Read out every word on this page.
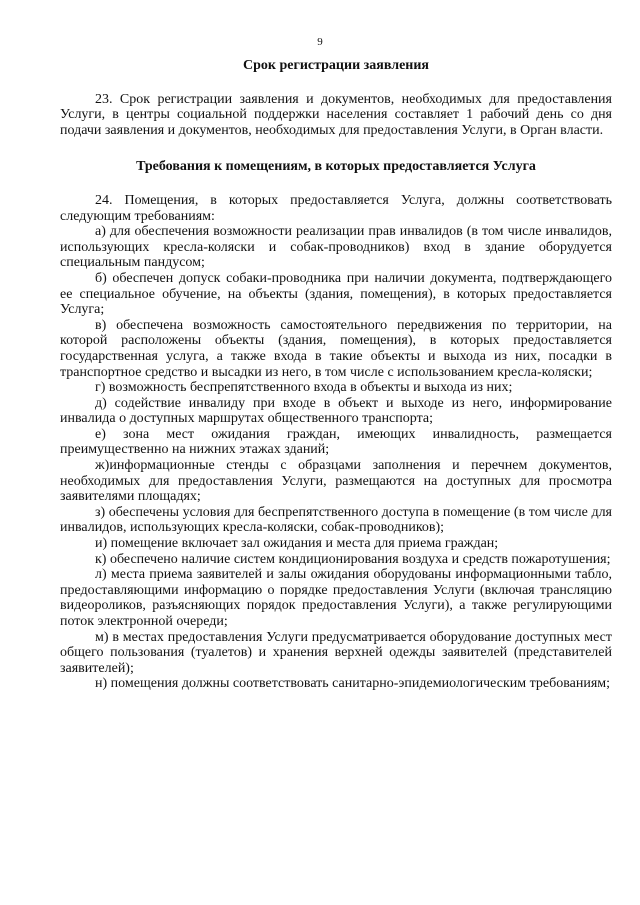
9

Срок регистрации заявления

23. Срок регистрации заявления и документов, необходимых для предоставления Услуги, в центры социальной поддержки населения составляет 1 рабочий день со дня подачи заявления и документов, необходимых для предоставления Услуги, в Орган власти.

Требования к помещениям, в которых предоставляется Услуга

24. Помещения, в которых предоставляется Услуга, должны соответствовать следующим требованиям:

а) для обеспечения возможности реализации прав инвалидов (в том числе инвалидов, использующих кресла-коляски и собак-проводников) вход в здание оборудуется специальным пандусом;

б) обеспечен допуск собаки-проводника при наличии документа, подтверждающего ее специальное обучение, на объекты (здания, помещения), в которых предоставляется Услуга;

в) обеспечена возможность самостоятельного передвижения по территории, на которой расположены объекты (здания, помещения), в которых предоставляется государственная услуга, а также входа в такие объекты и выхода из них, посадки в транспортное средство и высадки из него, в том числе с использованием кресла-коляски;

г) возможность беспрепятственного входа в объекты и выхода из них;

д) содействие инвалиду при входе в объект и выходе из него, информирование инвалида о доступных маршрутах общественного транспорта;

е) зона мест ожидания граждан, имеющих инвалидность, размещается преимущественно на нижних этажах зданий;

ж)информационные стенды с образцами заполнения и перечнем документов, необходимых для предоставления Услуги, размещаются на доступных для просмотра заявителями площадях;

з) обеспечены условия для беспрепятственного доступа в помещение (в том числе для инвалидов, использующих кресла-коляски, собак-проводников);

и) помещение включает зал ожидания и места для приема граждан;

к) обеспечено наличие систем кондиционирования воздуха и средств пожаротушения;

л) места приема заявителей и залы ожидания оборудованы информационными табло, предоставляющими информацию о порядке предоставления Услуги (включая трансляцию видеороликов, разъясняющих порядок предоставления Услуги), а также регулирующими поток электронной очереди;

м) в местах предоставления Услуги предусматривается оборудование доступных мест общего пользования (туалетов) и хранения верхней одежды заявителей (представителей заявителей);

н) помещения должны соответствовать санитарно-эпидемиологическим требованиям;
